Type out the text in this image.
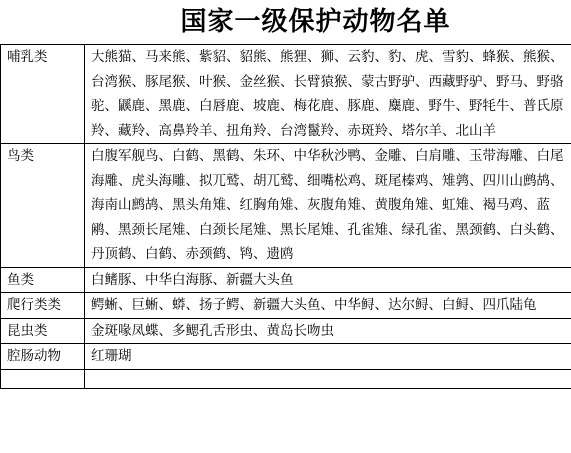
国家一级保护动物名单
哺乳类	大熊猫、马来熊、紫貂、貂熊、熊狸、狮、云豹、豹、虎、雪豹、蜂猴、熊猴、台湾猴、豚尾猴、叶猴、金丝猴、长臂猿猴、蒙古野驴、西藏野驴、野马、野骆驼、鼷鹿、黑鹿、白唇鹿、坡鹿、梅花鹿、豚鹿、麋鹿、野牛、野牦牛、普氏原羚、藏羚、高鼻羚羊、扭角羚、台湾鬣羚、赤斑羚、塔尔羊、北山羊
鸟类	白腹军舰鸟、白鹤、黑鹤、朱环、中华秋沙鸭、金雕、白肩雕、玉带海雕、白尾海雕、虎头海雕、拟兀鹫、胡兀鹫、细嘴松鸡、斑尾榛鸡、雉鹑、四川山鹧鸪、海南山鹧鸪、黑头角雉、红胸角雉、灰腹角雉、黄腹角雉、虹雉、褐马鸡、蓝鹇、黑颈长尾雉、白颈长尾雉、黑长尾雉、孔雀雉、绿孔雀、黑颈鹤、白头鹤、丹顶鹤、白鹤、赤颈鹤、鸨、遗鸥
鱼类	白鳍豚、中华白海豚、新疆大头鱼
爬行类类	鳄蜥、巨蜥、蟒、扬子鳄、新疆大头鱼、中华鲟、达尔鲟、白鲟、四爪陆龟
昆虫类	金斑喙凤蝶、多鳃孔舌形虫、黄岛长吻虫
腔肠动物	红珊瑚
